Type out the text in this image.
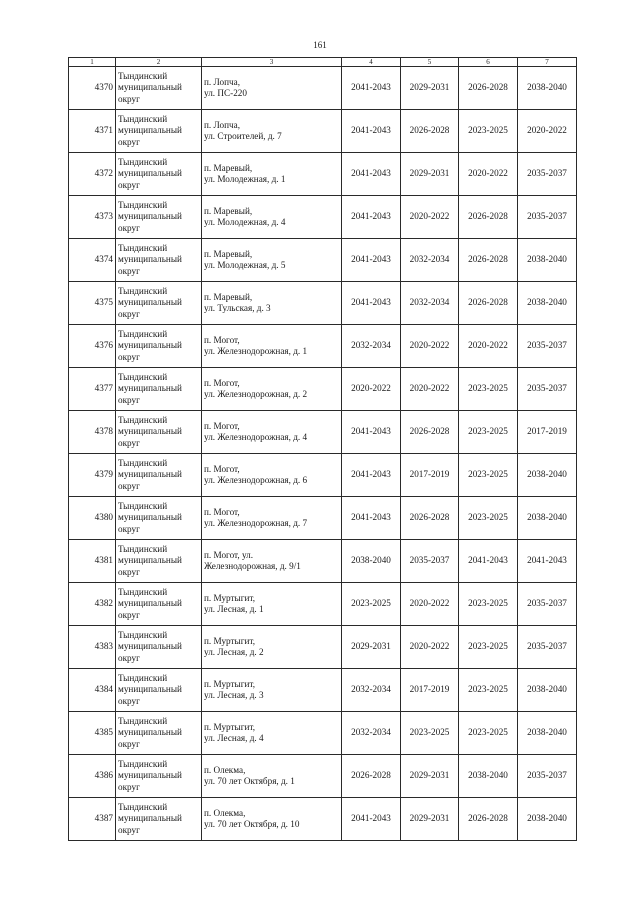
161
1	2	3	4	5	6	7
4370	Тындинский
муниципальный
округ	п. Лопча,
ул. ПС-220	2041-2043	2029-2031	2026-2028	2038-2040
4371	Тындинский
муниципальный
округ	п. Лопча,
ул. Строителей, д. 7	2041-2043	2026-2028	2023-2025	2020-2022
4372	Тындинский
муниципальный
округ	п. Маревый,
ул. Молодежная, д. 1	2041-2043	2029-2031	2020-2022	2035-2037
4373	Тындинский
муниципальный
округ	п. Маревый,
ул. Молодежная, д. 4	2041-2043	2020-2022	2026-2028	2035-2037
4374	Тындинский
муниципальный
округ	п. Маревый,
ул. Молодежная, д. 5	2041-2043	2032-2034	2026-2028	2038-2040
4375	Тындинский
муниципальный
округ	п. Маревый,
ул. Тульская, д. 3	2041-2043	2032-2034	2026-2028	2038-2040
4376	Тындинский
муниципальный
округ	п. Могот,
ул. Железнодорожная, д. 1	2032-2034	2020-2022	2020-2022	2035-2037
4377	Тындинский
муниципальный
округ	п. Могот,
ул. Железнодорожная, д. 2	2020-2022	2020-2022	2023-2025	2035-2037
4378	Тындинский
муниципальный
округ	п. Могот,
ул. Железнодорожная, д. 4	2041-2043	2026-2028	2023-2025	2017-2019
4379	Тындинский
муниципальный
округ	п. Могот,
ул. Железнодорожная, д. 6	2041-2043	2017-2019	2023-2025	2038-2040
4380	Тындинский
муниципальный
округ	п. Могот,
ул. Железнодорожная, д. 7	2041-2043	2026-2028	2023-2025	2038-2040
4381	Тындинский
муниципальный
округ	п. Могот, ул.
Железнодорожная, д. 9/1	2038-2040	2035-2037	2041-2043	2041-2043
4382	Тындинский
муниципальный
округ	п. Муртыгит,
ул. Лесная, д. 1	2023-2025	2020-2022	2023-2025	2035-2037
4383	Тындинский
муниципальный
округ	п. Муртыгит,
ул. Лесная, д. 2	2029-2031	2020-2022	2023-2025	2035-2037
4384	Тындинский
муниципальный
округ	п. Муртыгит,
ул. Лесная, д. 3	2032-2034	2017-2019	2023-2025	2038-2040
4385	Тындинский
муниципальный
округ	п. Муртыгит,
ул. Лесная, д. 4	2032-2034	2023-2025	2023-2025	2038-2040
4386	Тындинский
муниципальный
округ	п. Олекма,
ул. 70 лет Октября, д. 1	2026-2028	2029-2031	2038-2040	2035-2037
4387	Тындинский
муниципальный
округ	п. Олекма,
ул. 70 лет Октября, д. 10	2041-2043	2029-2031	2026-2028	2038-2040
